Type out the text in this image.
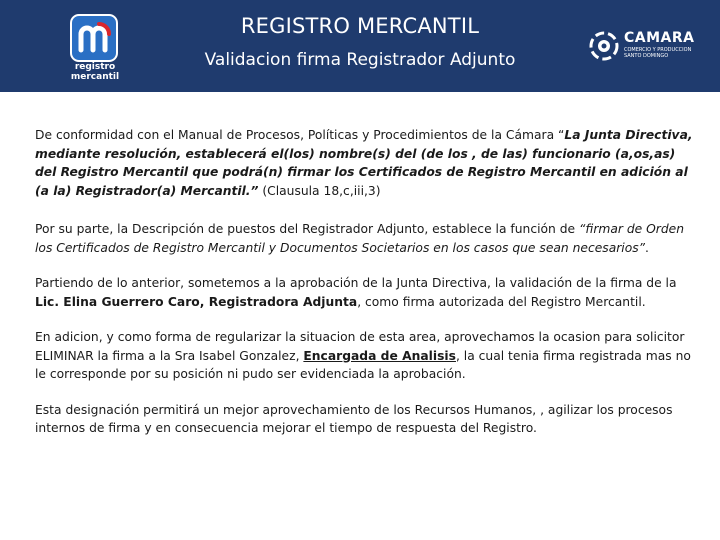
registro
mercantil
REGISTRO MERCANTIL
Validacion firma Registrador Adjunto
CAMARA
COMERCIO Y PRODUCCION
SANTO DOMINGO

De conformidad con el Manual de Procesos, Políticas y Procedimientos de la Cámara “La Junta Directiva, mediante resolución, establecerá el(los) nombre(s) del (de los , de las) funcionario (a,os,as) del Registro Mercantil que podrá(n) firmar los Certificados de Registro Mercantil en adición al (a la) Registrador(a) Mercantil.” (Clausula 18,c,iii,3)

Por su parte, la Descripción de puestos del Registrador Adjunto, establece la función de “firmar de Orden los Certificados de Registro Mercantil y Documentos Societarios en los casos que sean necesarios”.

Partiendo de lo anterior, sometemos a la aprobación de la Junta Directiva, la validación de la firma de la Lic. Elina Guerrero Caro, Registradora Adjunta, como firma autorizada del Registro Mercantil.

En adicion, y como forma de regularizar la situacion de esta area, aprovechamos la ocasion para solicitor ELIMINAR la firma a la Sra Isabel Gonzalez, Encargada de Analisis, la cual tenia firma registrada mas no le corresponde por su posición ni pudo ser evidenciada la aprobación.

Esta designación permitirá un mejor aprovechamiento de los Recursos Humanos, , agilizar los procesos internos de firma y en consecuencia mejorar el tiempo de respuesta del Registro.
